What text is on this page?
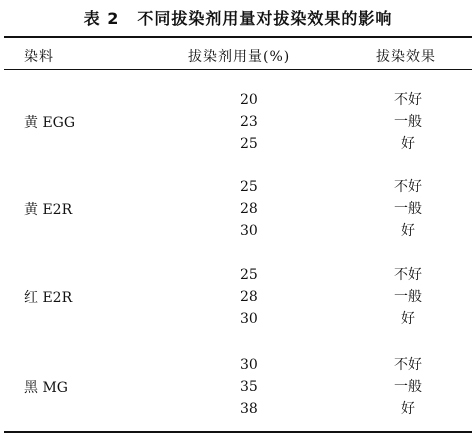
表 2 不同拔染剂用量对拔染效果的影响
染料	拔染剂用量(%)	拔染效果
黄 EGG
20
23
25
不好
一般
好
黄 E2R
25
28
30
不好
一般
好
红 E2R
25
28
30
不好
一般
好
黑 MG
30
35
38
不好
一般
好
